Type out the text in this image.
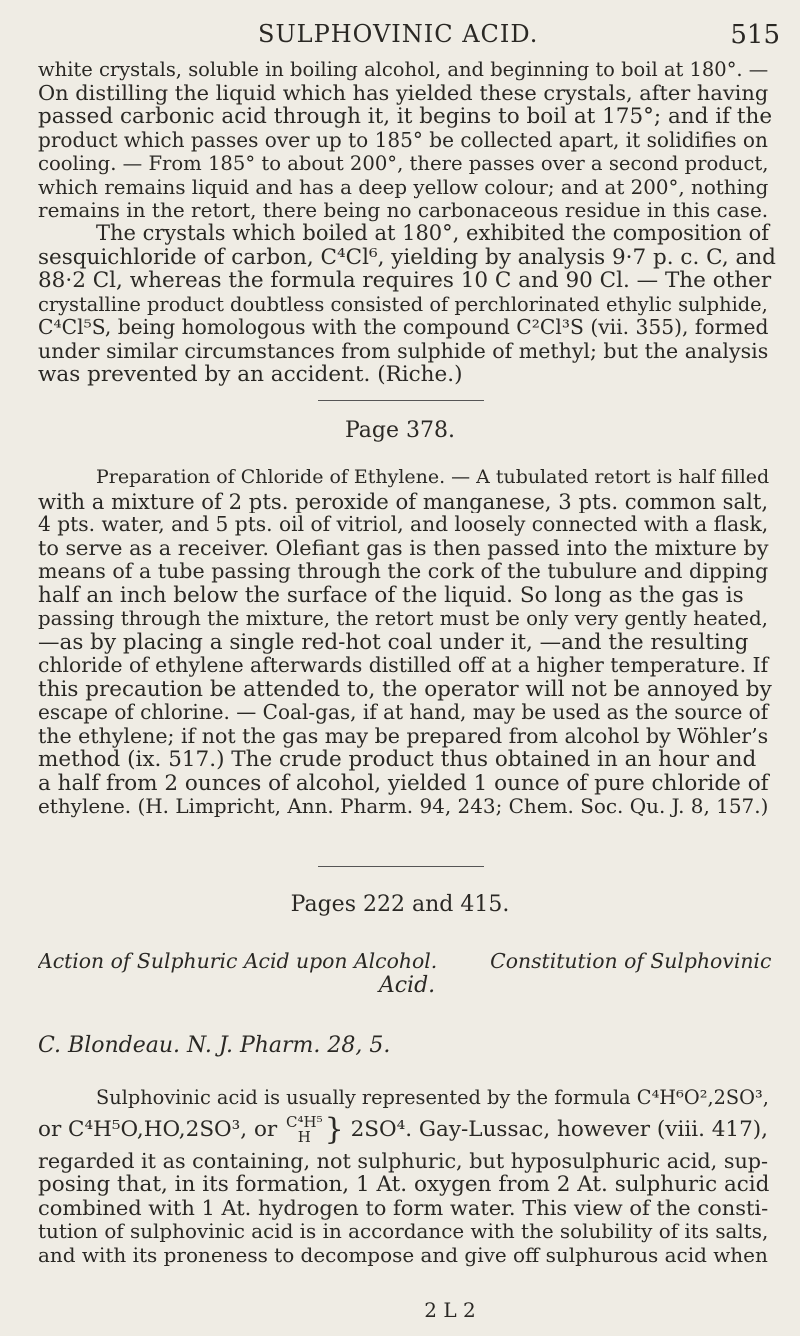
SULPHOVINIC ACID.	515
white crystals, soluble in boiling alcohol, and beginning to boil at 180°. —
On distilling the liquid which has yielded these crystals, after having
passed carbonic acid through it, it begins to boil at 175°; and if the
product which passes over up to 185° be collected apart, it solidifies on
cooling. — From 185° to about 200°, there passes over a second product,
which remains liquid and has a deep yellow colour; and at 200°, nothing
remains in the retort, there being no carbonaceous residue in this case.
The crystals which boiled at 180°, exhibited the composition of
sesquichloride of carbon, C⁴Cl⁶, yielding by analysis 9·7 p. c. C, and
88·2 Cl, whereas the formula requires 10 C and 90 Cl. — The other
crystalline product doubtless consisted of perchlorinated ethylic sulphide,
C⁴Cl⁵S, being homologous with the compound C²Cl³S (vii. 355), formed
under similar circumstances from sulphide of methyl; but the analysis
was prevented by an accident. (Riche.)
Page 378.
Preparation of Chloride of Ethylene. — A tubulated retort is half filled
with a mixture of 2 pts. peroxide of manganese, 3 pts. common salt,
4 pts. water, and 5 pts. oil of vitriol, and loosely connected with a flask,
to serve as a receiver. Olefiant gas is then passed into the mixture by
means of a tube passing through the cork of the tubulure and dipping
half an inch below the surface of the liquid. So long as the gas is
passing through the mixture, the retort must be only very gently heated,
—as by placing a single red-hot coal under it, —and the resulting
chloride of ethylene afterwards distilled off at a higher temperature. If
this precaution be attended to, the operator will not be annoyed by
escape of chlorine. — Coal-gas, if at hand, may be used as the source of
the ethylene; if not the gas may be prepared from alcohol by Wöhler’s
method (ix. 517.) The crude product thus obtained in an hour and
a half from 2 ounces of alcohol, yielded 1 ounce of pure chloride of
ethylene. (H. Limpricht, Ann. Pharm. 94, 243; Chem. Soc. Qu. J. 8, 157.)
Pages 222 and 415.
Action of Sulphuric Acid upon Alcohol.	Constitution of Sulphovinic
Acid.
C. Blondeau. N. J. Pharm. 28, 5.
Sulphovinic acid is usually represented by the formula C⁴H⁶O²,2SO³,
or C⁴H⁵O,HO,2SO³, or C⁴H⁵
H } 2SO⁴. Gay-Lussac, however (viii. 417),
regarded it as containing, not sulphuric, but hyposulphuric acid, sup-
posing that, in its formation, 1 At. oxygen from 2 At. sulphuric acid
combined with 1 At. hydrogen to form water. This view of the consti-
tution of sulphovinic acid is in accordance with the solubility of its salts,
and with its proneness to decompose and give off sulphurous acid when
2 L 2
